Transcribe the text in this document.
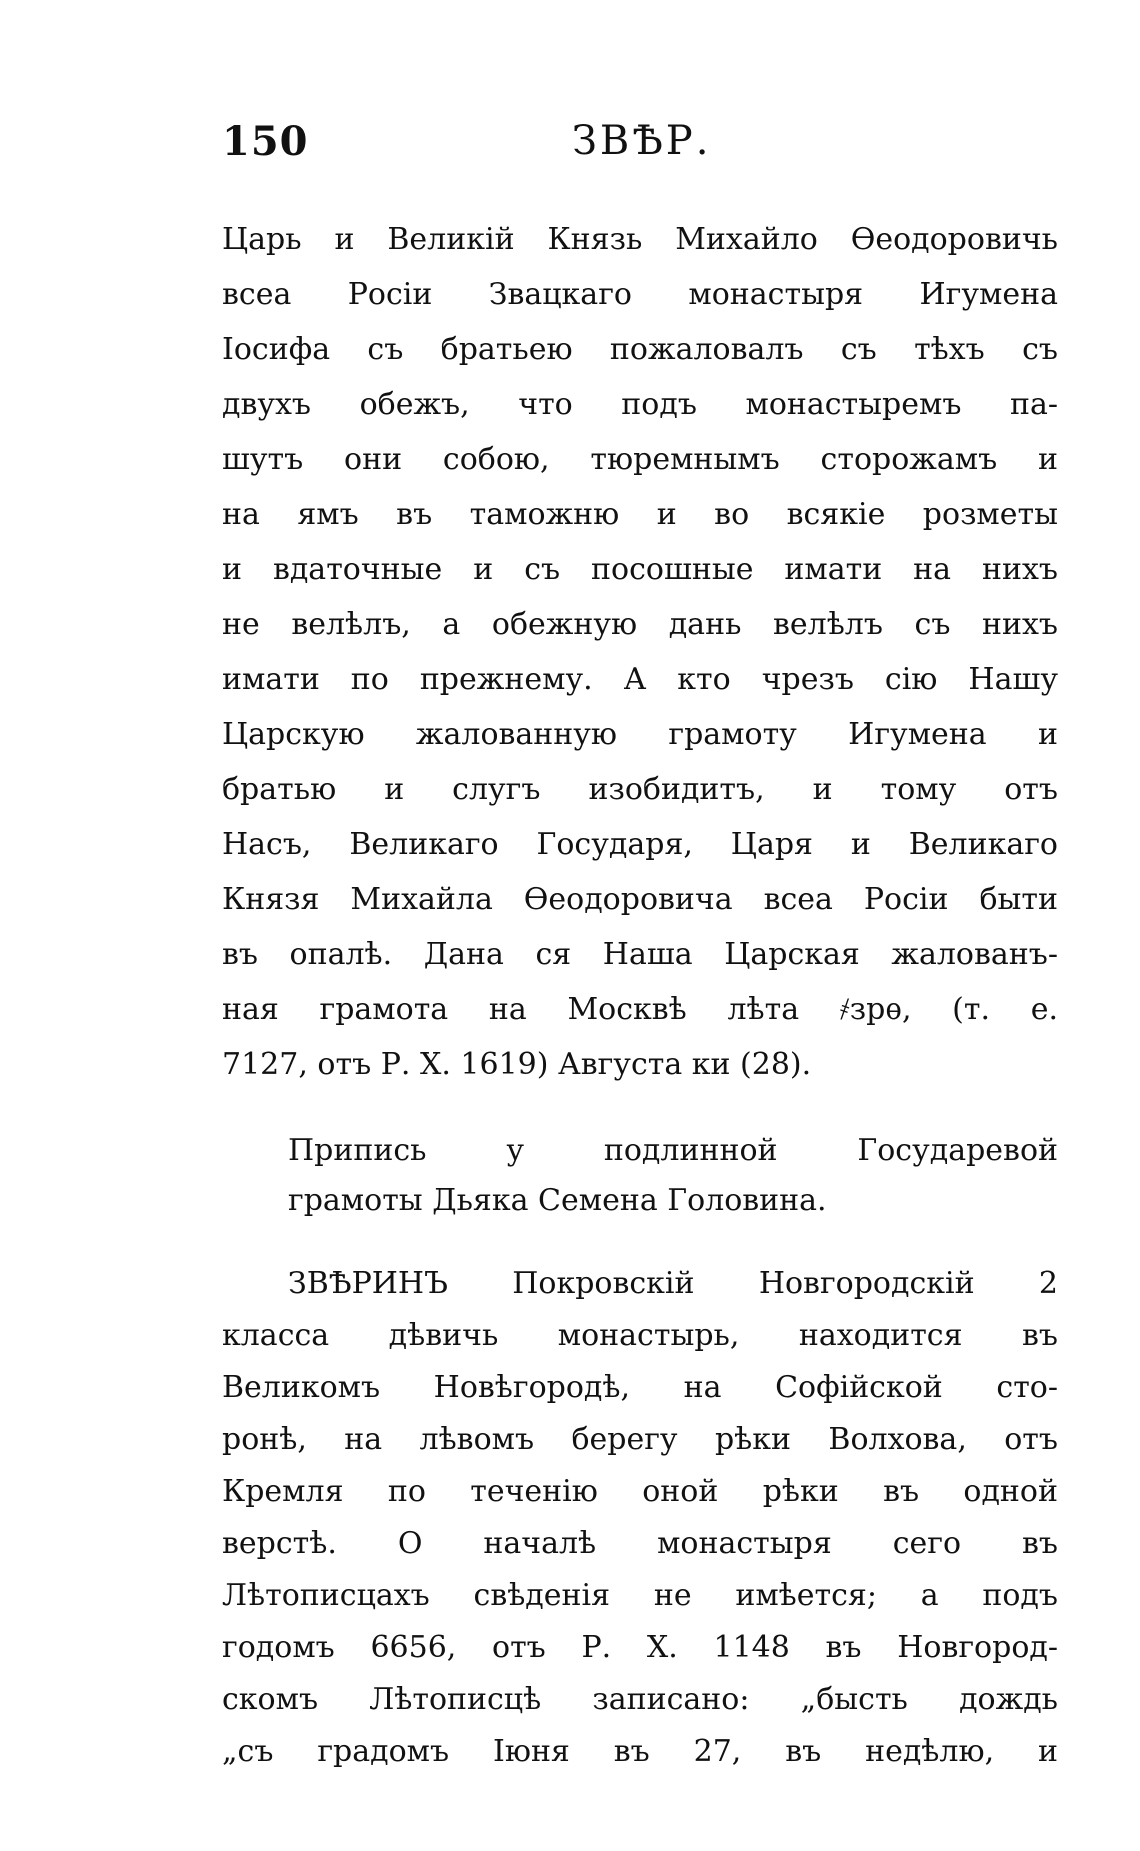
150	ЗВѢР.
Царь и Великій Князь Михайло Өеодоровичь
всеа Росіи Звацкаго монастыря Игумена
Іосифа съ братьею пожаловалъ съ тѣхъ съ
двухъ обежъ, что подъ монастыремъ па-
шутъ они собою, тюремнымъ сторожамъ и
на ямъ въ таможню и во всякіе розметы
и вдаточные и съ посошные имати на нихъ
не велѣлъ, а обежную дань велѣлъ съ нихъ
имати по прежнему. А кто чрезъ сію Нашу
Царскую жалованную грамоту Игумена и
братью и слугъ изобидитъ, и тому отъ
Насъ, Великаго Государя, Царя и Великаго
Князя Михайла Өеодоровича всеа Росіи быти
въ опалѣ. Дана ся Наша Царская жалованъ-
ная грамота на Москвѣ лѣта ҂зрѳ, (т. е.
7127, отъ Р. Х. 1619) Августа ки (28).
Припись у подлинной Государевой
грамоты Дьяка Семена Головина.
ЗВѢРИНЪ Покровскій Новгородскій 2
класса дѣвичь монастырь, находится въ
Великомъ Новѣгородѣ, на Софійской сто-
ронѣ, на лѣвомъ берегу рѣки Волхова, отъ
Кремля по теченію оной рѣки въ одной
верстѣ. О началѣ монастыря сего въ
Лѣтописцахъ свѣденія не имѣется; а подъ
годомъ 6656, отъ Р. Х. 1148 въ Новгород-
скомъ Лѣтописцѣ записано: „бысть дождь
„съ градомъ Іюня въ 27, въ недѣлю, и
